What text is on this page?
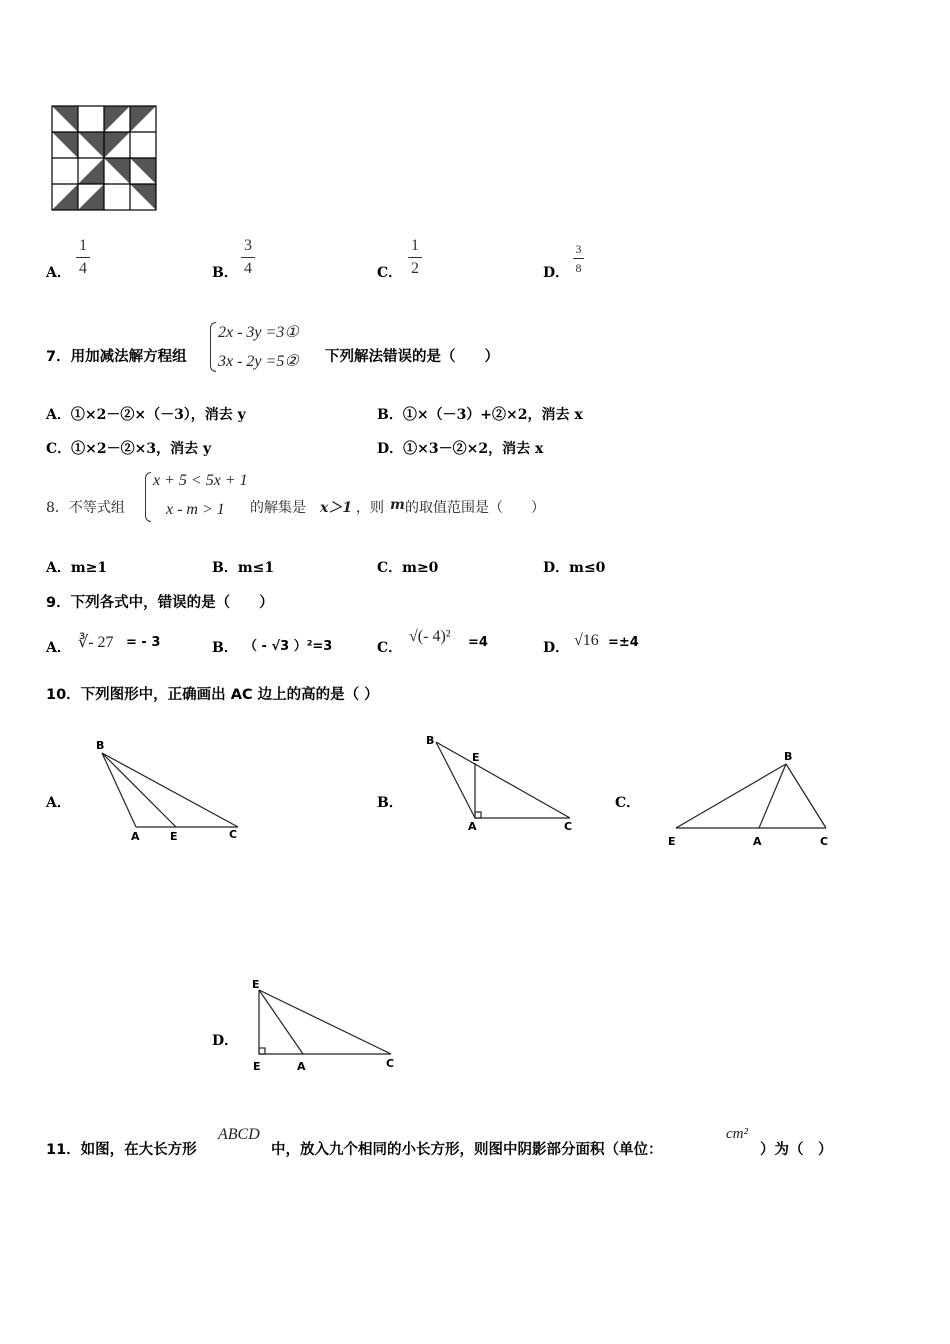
A．
1
4	B．
3
4	C．
1
2	D．
3
8
7．用加减法解方程组
2x - 3y =3①
3x - 2y =5② 下列解法错误的是（　　）
A．①×2－②×（－3），消去 y	B．①×（－3）+②×2，消去 x
C．①×2－②×3，消去 y	D．①×3－②×2，消去 x
8．不等式组
x + 5 < 5x + 1
x - m > 1 的解集是 x＞1 ，则 m 的取值范围是（　　）
A．m≥1	B．m≤1	C．m≥0	D．m≤0
9．下列各式中，错误的是（　　）
A． ∛- 27 = - 3	B． （ - √3 ）²=3	C．
√(- 4)² =4	D． √16 =±4
10．下列图形中，正确画出 AC 边上的高的是（ ）
A．
B
A	E	C
B．
B
E
A	C
C．
B
E	A	C
D．
E
E	A	C
11．如图，在大长方形
ABCD
中，放入九个相同的小长方形，则图中阴影部分面积（单位：
cm²
）为（　）
